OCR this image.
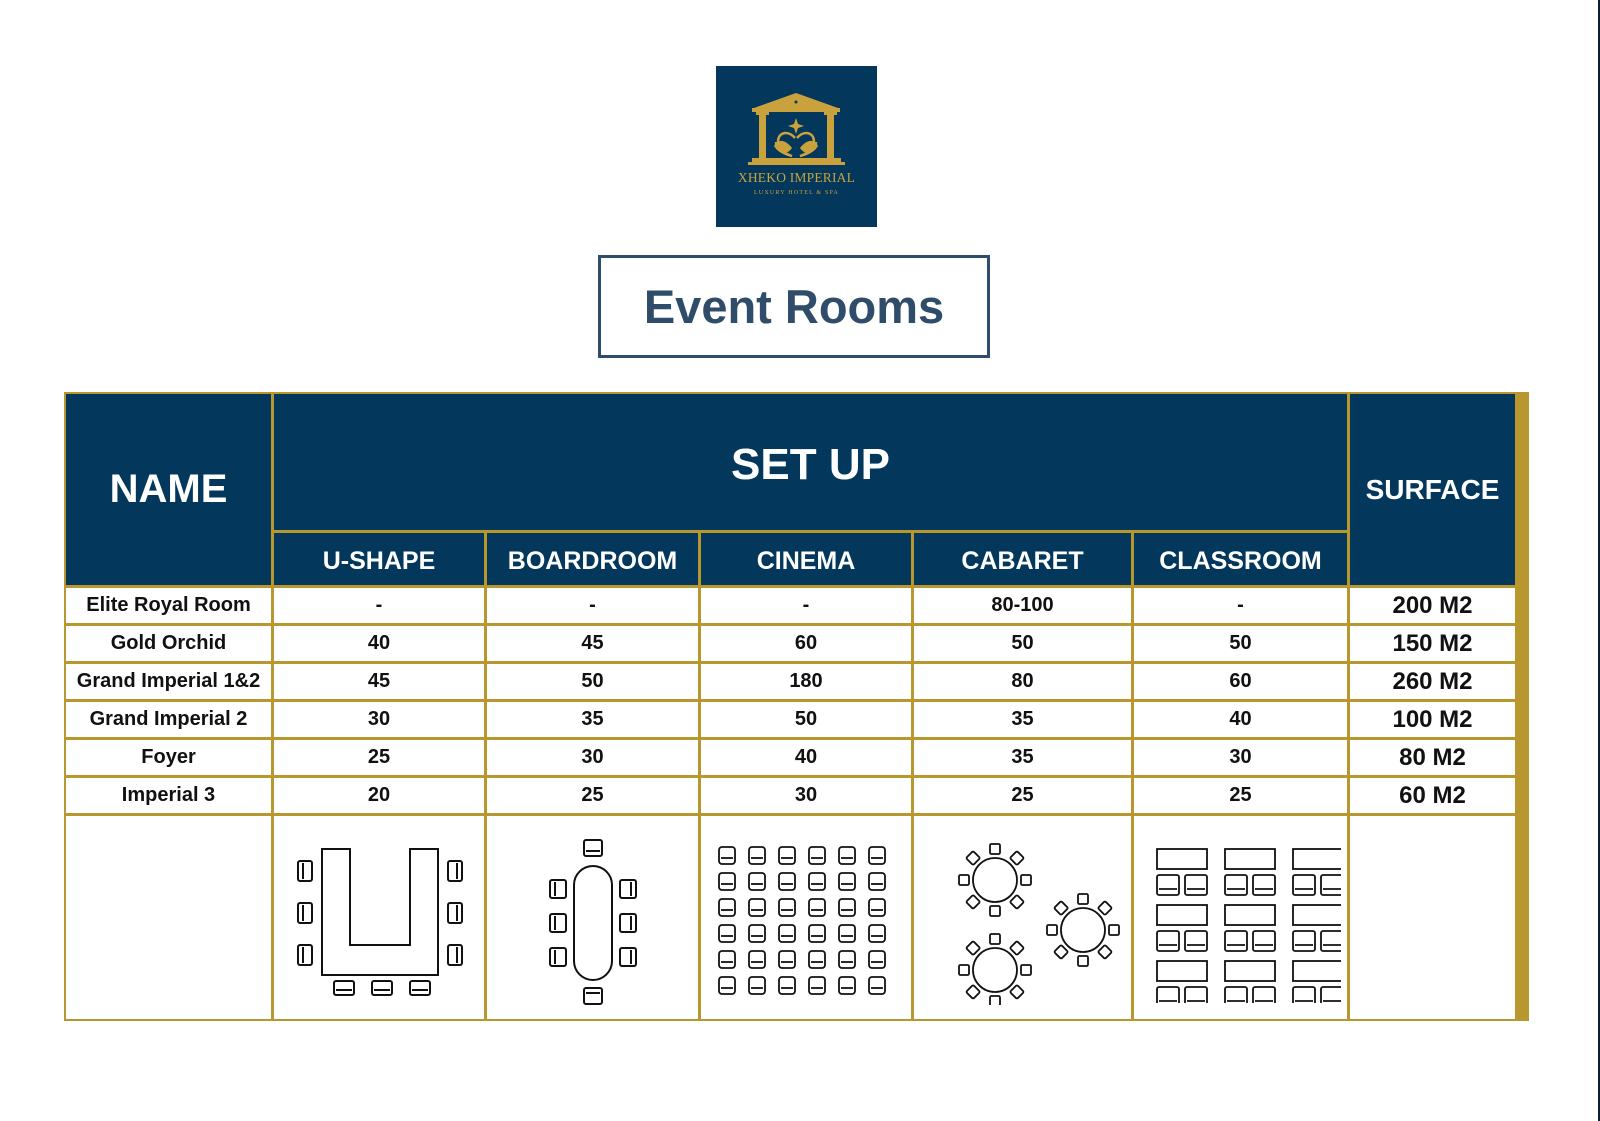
XHEKO IMPERIAL
LUXURY HOTEL & SPA
Event Rooms
NAME	SET UP	SURFACE
U-SHAPE	BOARDROOM	CINEMA	CABARET	CLASSROOM
Elite Royal Room	-	-	-	80-100	-	200 M2
Gold Orchid	40	45	60	50	50	150 M2
Grand Imperial 1&2	45	50	180	80	60	260 M2
Grand Imperial 2	30	35	50	35	40	100 M2
Foyer	25	30	40	35	30	80 M2
Imperial 3	20	25	30	25	25	60 M2
